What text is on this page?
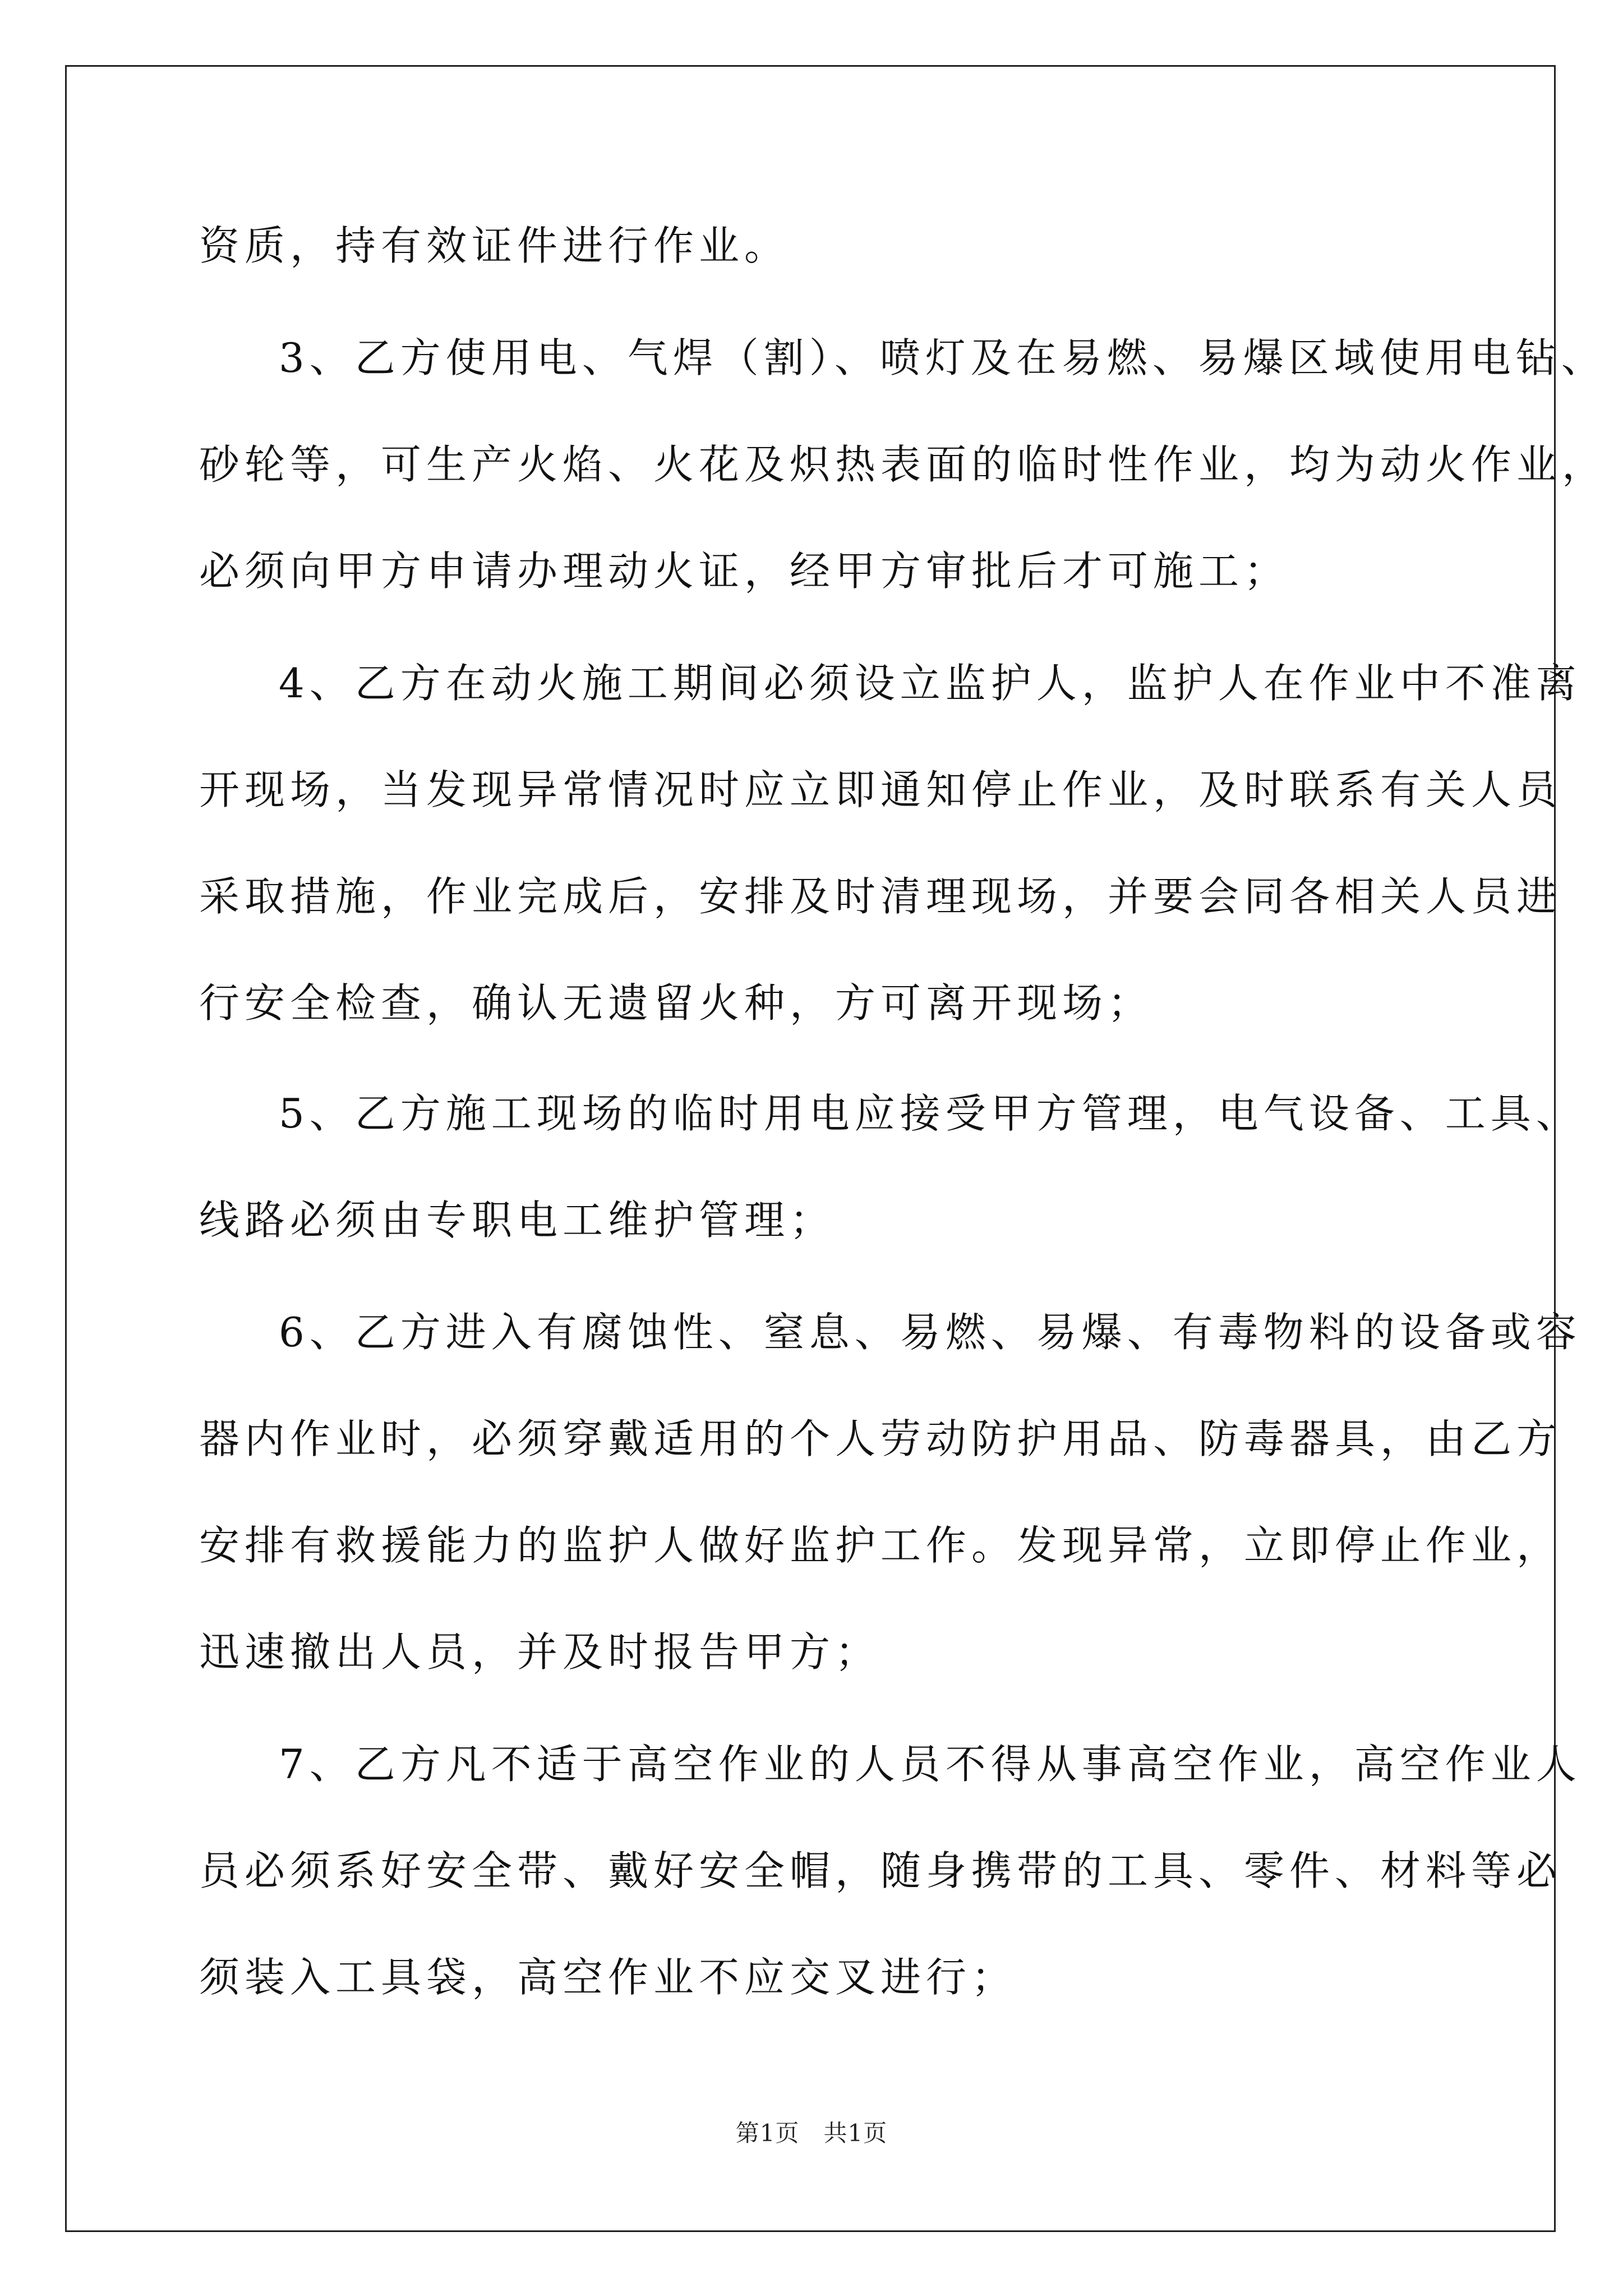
资质，持有效证件进行作业。
3、乙方使用电、气焊（割）、喷灯及在易燃、易爆区域使用电钻、
砂轮等，可生产火焰、火花及炽热表面的临时性作业，均为动火作业，
必须向甲方申请办理动火证，经甲方审批后才可施工；
4、乙方在动火施工期间必须设立监护人，监护人在作业中不准离
开现场，当发现异常情况时应立即通知停止作业，及时联系有关人员
采取措施，作业完成后，安排及时清理现场，并要会同各相关人员进
行安全检查，确认无遗留火种，方可离开现场；
5、乙方施工现场的临时用电应接受甲方管理，电气设备、工具、
线路必须由专职电工维护管理；
6、乙方进入有腐蚀性、窒息、易燃、易爆、有毒物料的设备或容
器内作业时，必须穿戴适用的个人劳动防护用品、防毒器具，由乙方
安排有救援能力的监护人做好监护工作。发现异常，立即停止作业，
迅速撤出人员，并及时报告甲方；
7、乙方凡不适于高空作业的人员不得从事高空作业，高空作业人
员必须系好安全带、戴好安全帽，随身携带的工具、零件、材料等必
须装入工具袋，高空作业不应交叉进行；
第1页　共1页
